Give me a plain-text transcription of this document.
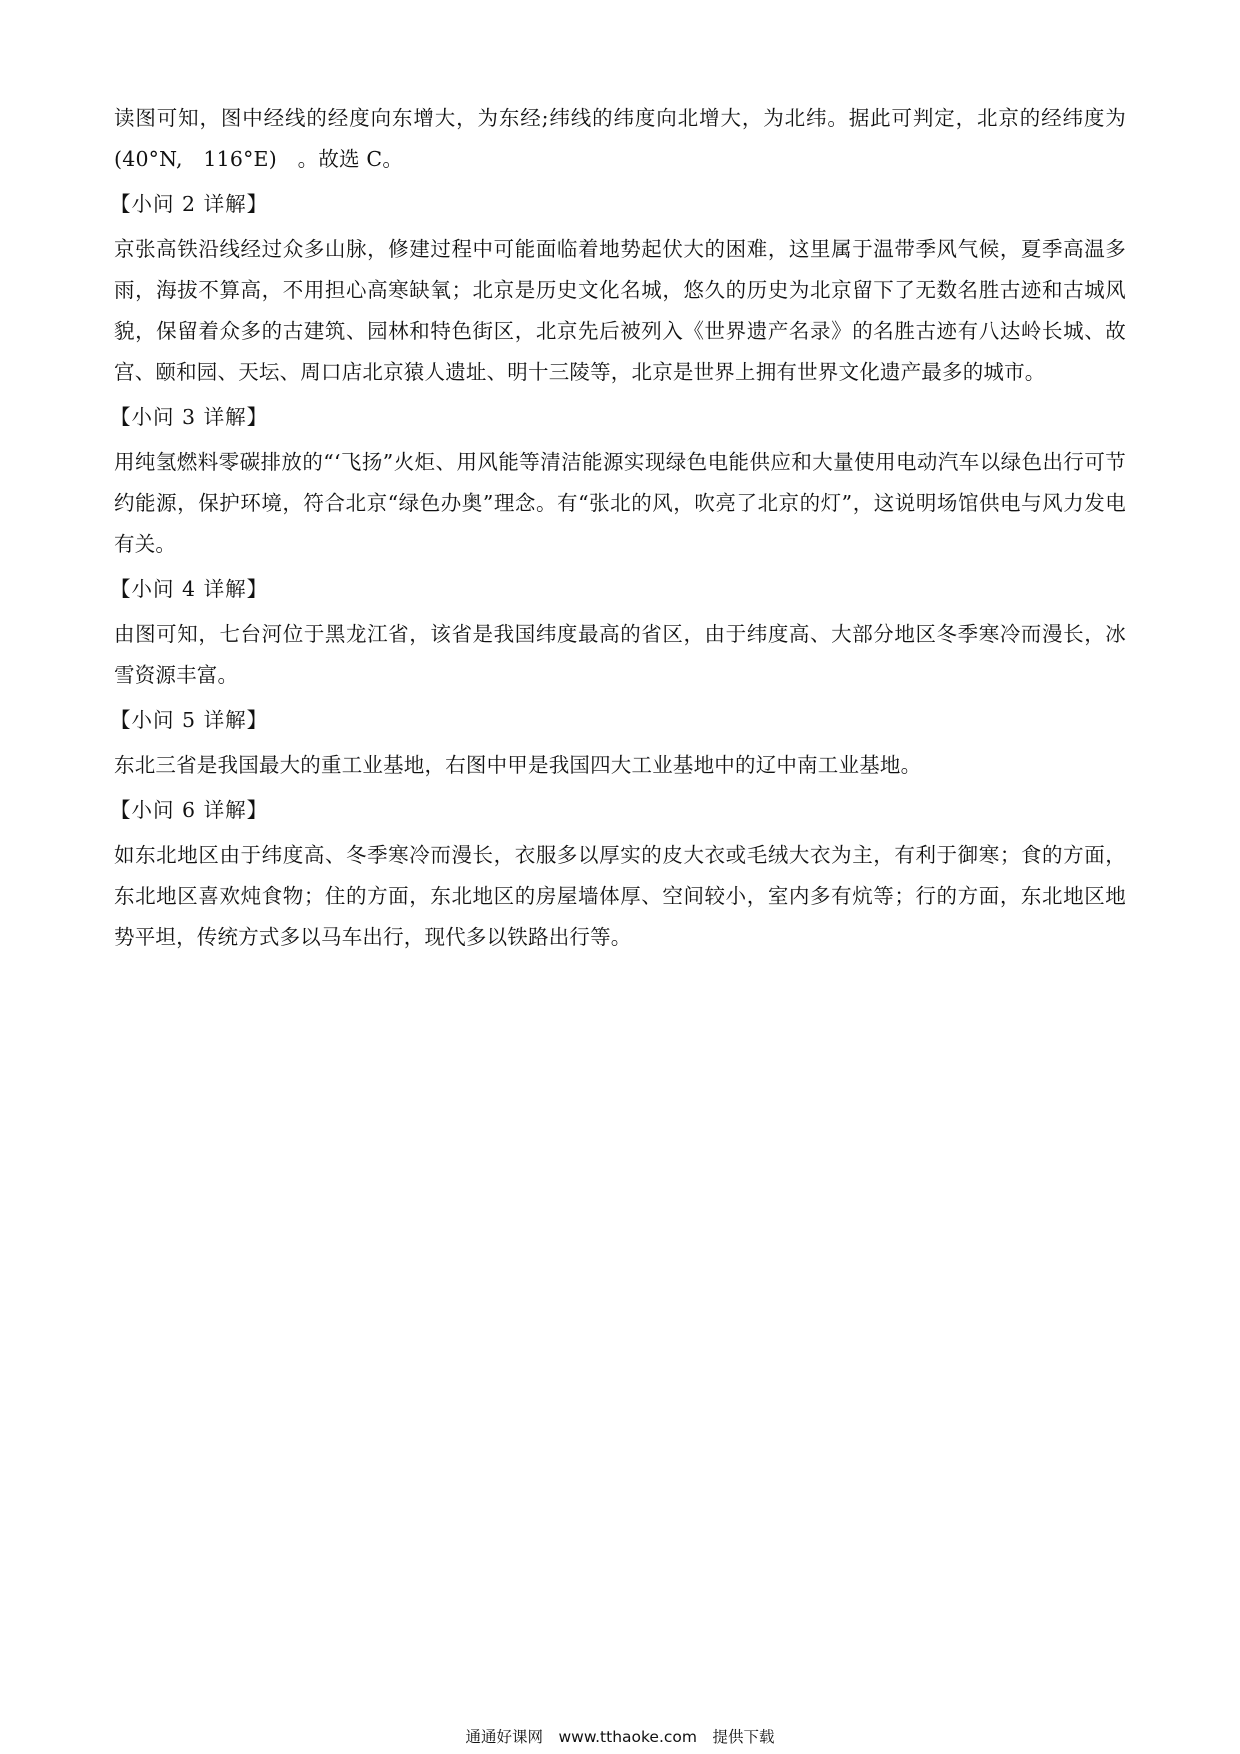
读图可知，图中经线的经度向东增大，为东经;纬线的纬度向北增大，为北纬。据此可判定，北京的经纬度为(40°N,　116°E)　。故选 C。

【小问 2 详解】

京张高铁沿线经过众多山脉，修建过程中可能面临着地势起伏大的困难，这里属于温带季风气候，夏季高温多雨，海拔不算高，不用担心高寒缺氧；北京是历史文化名城，悠久的历史为北京留下了无数名胜古迹和古城风貌，保留着众多的古建筑、园林和特色街区，北京先后被列入《世界遗产名录》的名胜古迹有八达岭长城、故宫、颐和园、天坛、周口店北京猿人遗址、明十三陵等，北京是世界上拥有世界文化遗产最多的城市。

【小问 3 详解】

用纯氢燃料零碳排放的“‘飞扬”火炬、用风能等清洁能源实现绿色电能供应和大量使用电动汽车以绿色出行可节约能源，保护环境，符合北京“绿色办奥”理念。有“张北的风，吹亮了北京的灯”，这说明场馆供电与风力发电有关。

【小问 4 详解】

由图可知，七台河位于黑龙江省，该省是我国纬度最高的省区，由于纬度高、大部分地区冬季寒冷而漫长，冰雪资源丰富。

【小问 5 详解】

东北三省是我国最大的重工业基地，右图中甲是我国四大工业基地中的辽中南工业基地。

【小问 6 详解】

如东北地区由于纬度高、冬季寒冷而漫长，衣服多以厚实的皮大衣或毛绒大衣为主，有利于御寒；食的方面，东北地区喜欢炖食物；住的方面，东北地区的房屋墙体厚、空间较小，室内多有炕等；行的方面，东北地区地势平坦，传统方式多以马车出行，现代多以铁路出行等。

通通好课网　www.tthaoke.com　提供下载
